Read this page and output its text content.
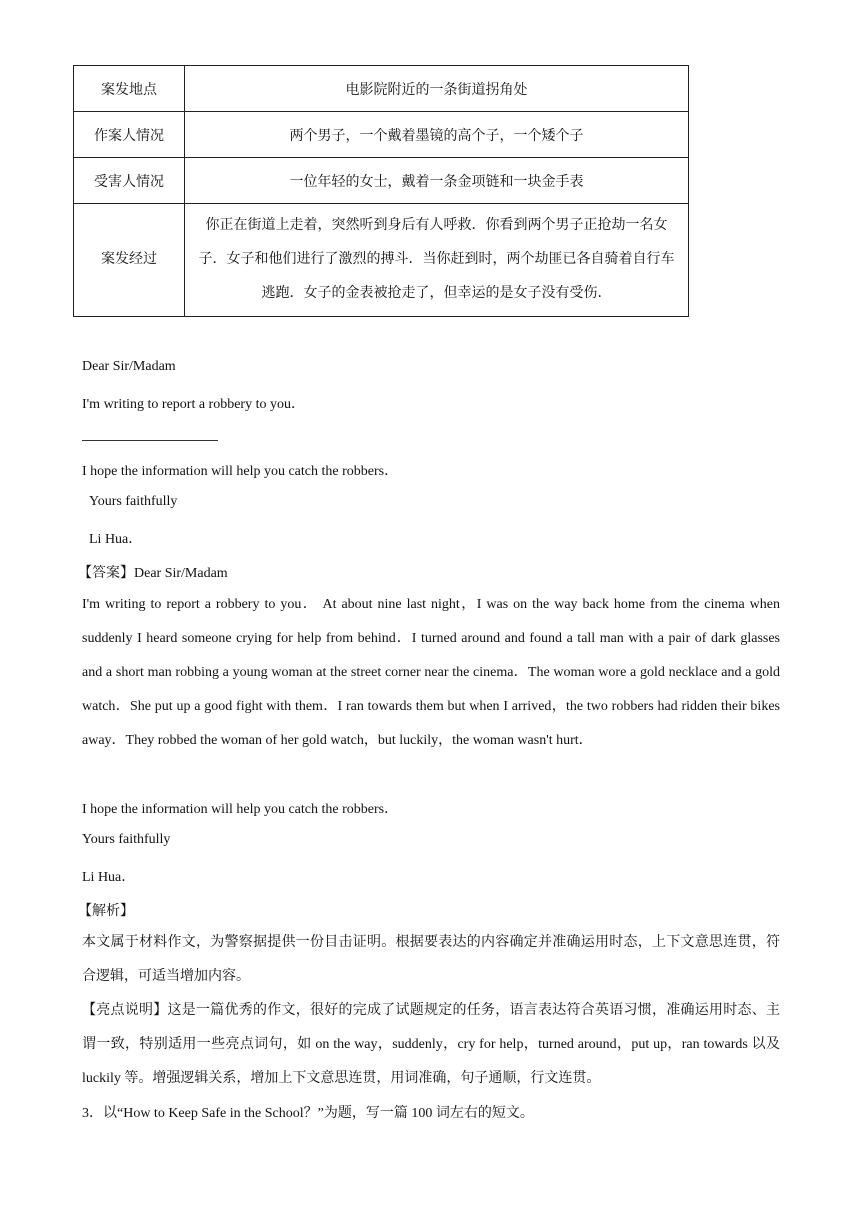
案发地点	电影院附近的一条街道拐角处
作案人情况	两个男子，一个戴着墨镜的高个子，一个矮个子
受害人情况	一位年轻的女士，戴着一条金项链和一块金手表
案发经过	你正在街道上走着，突然听到身后有人呼救．你看到两个男子正抢劫一名女子．女子和他们进行了激烈的搏斗．当你赶到时，两个劫匪已各自骑着自行车逃跑．女子的金表被抢走了，但幸运的是女子没有受伤．
Dear Sir/Madam
I'm writing to report a robbery to you．
I hope the information will help you catch the robbers．
Yours faithfully
Li Hua．
【答案】Dear Sir/Madam
I'm writing to report a robbery to you． At about nine last night，I was on the way back home from the cinema when suddenly I heard someone crying for help from behind．I turned around and found a tall man with a pair of dark glasses and a short man robbing a young woman at the street corner near the cinema．The woman wore a gold necklace and a gold watch．She put up a good fight with them．I ran towards them but when I arrived，the two robbers had ridden their bikes away．They robbed the woman of her gold watch，but luckily，the woman wasn't hurt．
I hope the information will help you catch the robbers．
Yours faithfully
Li Hua．
【解析】
本文属于材料作文，为警察据提供一份目击证明。根据要表达的内容确定并准确运用时态，上下文意思连贯，符合逻辑，可适当增加内容。
【亮点说明】这是一篇优秀的作文，很好的完成了试题规定的任务，语言表达符合英语习惯，准确运用时态、主谓一致，特别适用一些亮点词句，如 on the way，suddenly，cry for help，turned around，put up，ran towards 以及 luckily 等。增强逻辑关系，增加上下文意思连贯，用词准确，句子通顺，行文连贯。
3．以“How to Keep Safe in the School？”为题，写一篇 100 词左右的短文。
